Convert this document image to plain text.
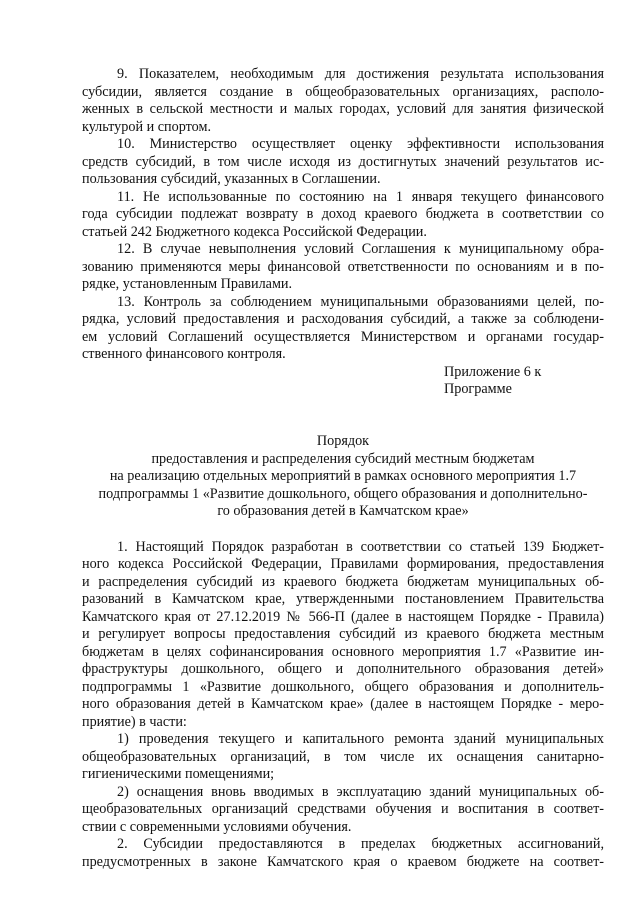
9. Показателем, необходимым для достижения результата использования
субсидии, является создание в общеобразовательных организациях, располо-
женных в сельской местности и малых городах, условий для занятия физической
культурой и спортом.
10. Министерство осуществляет оценку эффективности использования
средств субсидий, в том числе исходя из достигнутых значений результатов ис-
пользования субсидий, указанных в Соглашении.
11. Не использованные по состоянию на 1 января текущего финансового
года субсидии подлежат возврату в доход краевого бюджета в соответствии со
статьей 242 Бюджетного кодекса Российской Федерации.
12. В случае невыполнения условий Соглашения к муниципальному обра-
зованию применяются меры финансовой ответственности по основаниям и в по-
рядке, установленным Правилами.
13. Контроль за соблюдением муниципальными образованиями целей, по-
рядка, условий предоставления и расходования субсидий, а также за соблюдени-
ем условий Соглашений осуществляется Министерством и органами государ-
ственного финансового контроля.
Приложение 6 к
Программе
Порядок
предоставления и распределения субсидий местным бюджетам
на реализацию отдельных мероприятий в рамках основного мероприятия 1.7
подпрограммы 1 «Развитие дошкольного, общего образования и дополнительно-
го образования детей в Камчатском крае»
1. Настоящий Порядок разработан в соответствии со статьей 139 Бюджет-
ного кодекса Российской Федерации, Правилами формирования, предоставления
и распределения субсидий из краевого бюджета бюджетам муниципальных об-
разований в Камчатском крае, утвержденными постановлением Правительства
Камчатского края от 27.12.2019 № 566-П (далее в настоящем Порядке - Правила)
и регулирует вопросы предоставления субсидий из краевого бюджета местным
бюджетам в целях софинансирования основного мероприятия 1.7 «Развитие ин-
фраструктуры дошкольного, общего и дополнительного образования детей»
подпрограммы 1 «Развитие дошкольного, общего образования и дополнитель-
ного образования детей в Камчатском крае» (далее в настоящем Порядке - меро-
приятие) в части:
1) проведения текущего и капитального ремонта зданий муниципальных
общеобразовательных организаций, в том числе их оснащения санитарно-
гигиеническими помещениями;
2) оснащения вновь вводимых в эксплуатацию зданий муниципальных об-
щеобразовательных организаций средствами обучения и воспитания в соответ-
ствии с современными условиями обучения.
2. Субсидии предоставляются в пределах бюджетных ассигнований,
предусмотренных в законе Камчатского края о краевом бюджете на соответ-
